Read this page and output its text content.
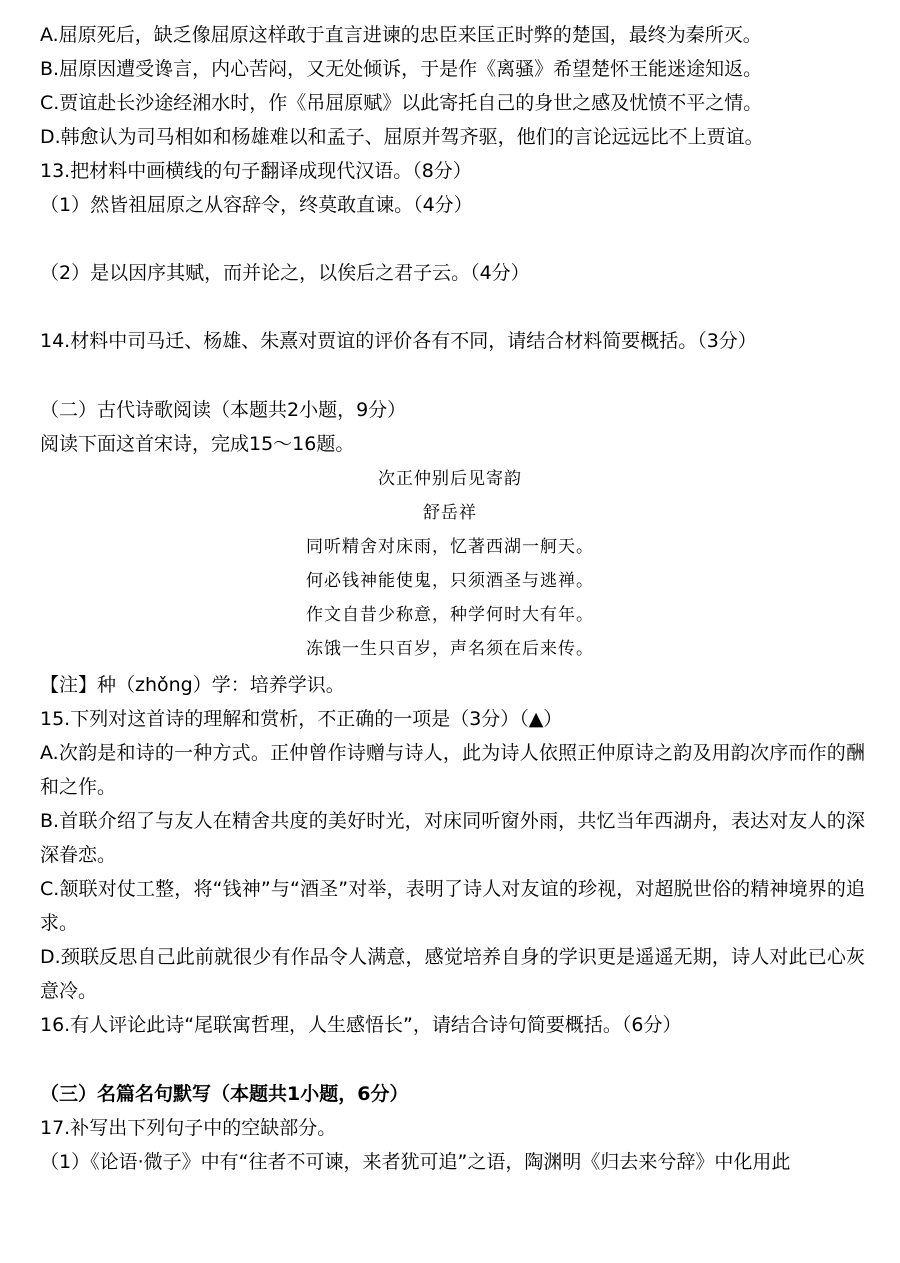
A.屈原死后，缺乏像屈原这样敢于直言进谏的忠臣来匡正时弊的楚国，最终为秦所灭。
B.屈原因遭受谗言，内心苦闷，又无处倾诉，于是作《离骚》希望楚怀王能迷途知返。
C.贾谊赴长沙途经湘水时，作《吊屈原赋》以此寄托自己的身世之感及忧愤不平之情。
D.韩愈认为司马相如和杨雄难以和孟子、屈原并驾齐驱，他们的言论远远比不上贾谊。
13.把材料中画横线的句子翻译成现代汉语。（8分）
（1）然皆祖屈原之从容辞令，终莫敢直谏。（4分）
（2）是以因序其赋，而并论之，以俟后之君子云。（4分）
14.材料中司马迁、杨雄、朱熹对贾谊的评价各有不同，请结合材料简要概括。（3分）
（二）古代诗歌阅读（本题共2小题，9分）
阅读下面这首宋诗，完成15～16题。
次正仲别后见寄韵
舒岳祥
同听精舍对床雨，忆著西湖一舸天。
何必钱神能使鬼，只须酒圣与逃禅。
作文自昔少称意，种学何时大有年。
冻饿一生只百岁，声名须在后来传。
【注】种（zhǒng）学：培养学识。
15.下列对这首诗的理解和赏析，不正确的一项是（3分）（▲）
A.次韵是和诗的一种方式。正仲曾作诗赠与诗人，此为诗人依照正仲原诗之韵及用韵次序而作的酬和之作。
B.首联介绍了与友人在精舍共度的美好时光，对床同听窗外雨，共忆当年西湖舟，表达对友人的深深眷恋。
C.颔联对仗工整，将“钱神”与“酒圣”对举，表明了诗人对友谊的珍视，对超脱世俗的精神境界的追求。
D.颈联反思自己此前就很少有作品令人满意，感觉培养自身的学识更是遥遥无期，诗人对此已心灰意冷。
16.有人评论此诗“尾联寓哲理，人生感悟长”，请结合诗句简要概括。（6分）
（三）名篇名句默写（本题共1小题，6分）
17.补写出下列句子中的空缺部分。
（1）《论语·微子》中有“往者不可谏，来者犹可追”之语，陶渊明《归去来兮辞》中化用此
